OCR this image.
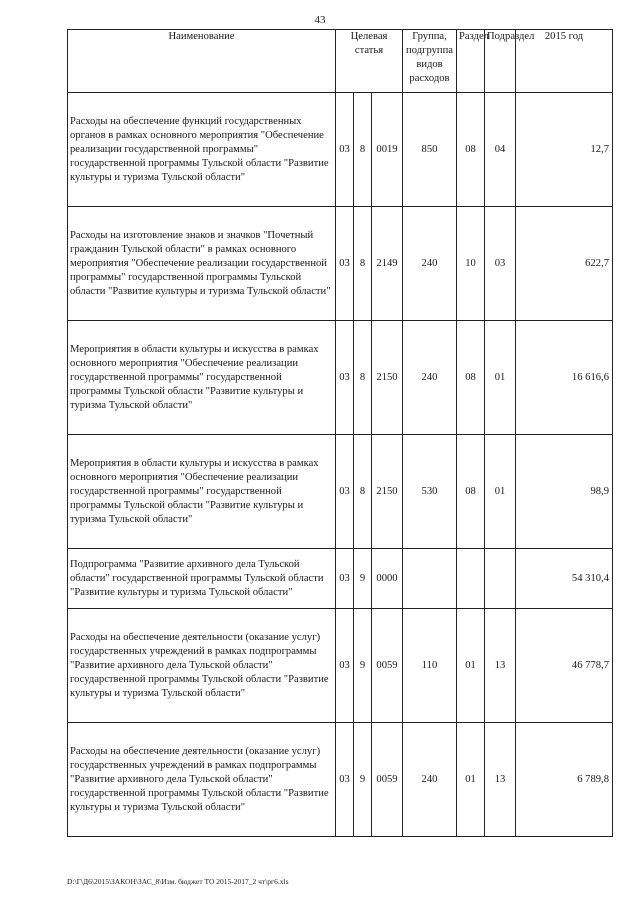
43
Наименование	Целевая статья			Группа, подгруппа видов расходов	Раздел	Подраздел	2015 год
Расходы на обеспечение функций государственных органов в рамках основного мероприятия "Обеспечение реализации государственной программы" государственной программы Тульской области "Развитие культуры и туризма Тульской области"	03	8	0019	850	08	04	12,7
Расходы на изготовление знаков и значков "Почетный гражданин Тульской области" в рамках основного мероприятия "Обеспечение реализации государственной программы" государственной программы Тульской области "Развитие культуры и туризма Тульской области"	03	8	2149	240	10	03	622,7
Мероприятия в области культуры и искусства в рамках основного мероприятия "Обеспечение реализации государственной программы" государственной программы Тульской области "Развитие культуры и туризма Тульской области"	03	8	2150	240	08	01	16 616,6
Мероприятия в области культуры и искусства в рамках основного мероприятия "Обеспечение реализации государственной программы" государственной программы Тульской области "Развитие культуры и туризма Тульской области"	03	8	2150	530	08	01	98,9
Подпрограмма "Развитие архивного дела Тульской области" государственной программы Тульской области "Развитие культуры и туризма Тульской области"	03	9	0000				54 310,4
Расходы на обеспечение деятельности (оказание услуг) государственных учреждений в рамках подпрограммы "Развитие архивного дела Тульской области" государственной программы Тульской области "Развитие культуры и туризма Тульской области"	03	9	0059	110	01	13	46 778,7
Расходы на обеспечение деятельности (оказание услуг) государственных учреждений в рамках подпрограммы "Развитие архивного дела Тульской области" государственной программы Тульской области "Развитие культуры и туризма Тульской области"	03	9	0059	240	01	13	6 789,8
D:\Г\Д6\2015\ЗАКОН\ЗАС_8\Изм. бюджет ТО 2015-2017_2 чт\рг6.xls
